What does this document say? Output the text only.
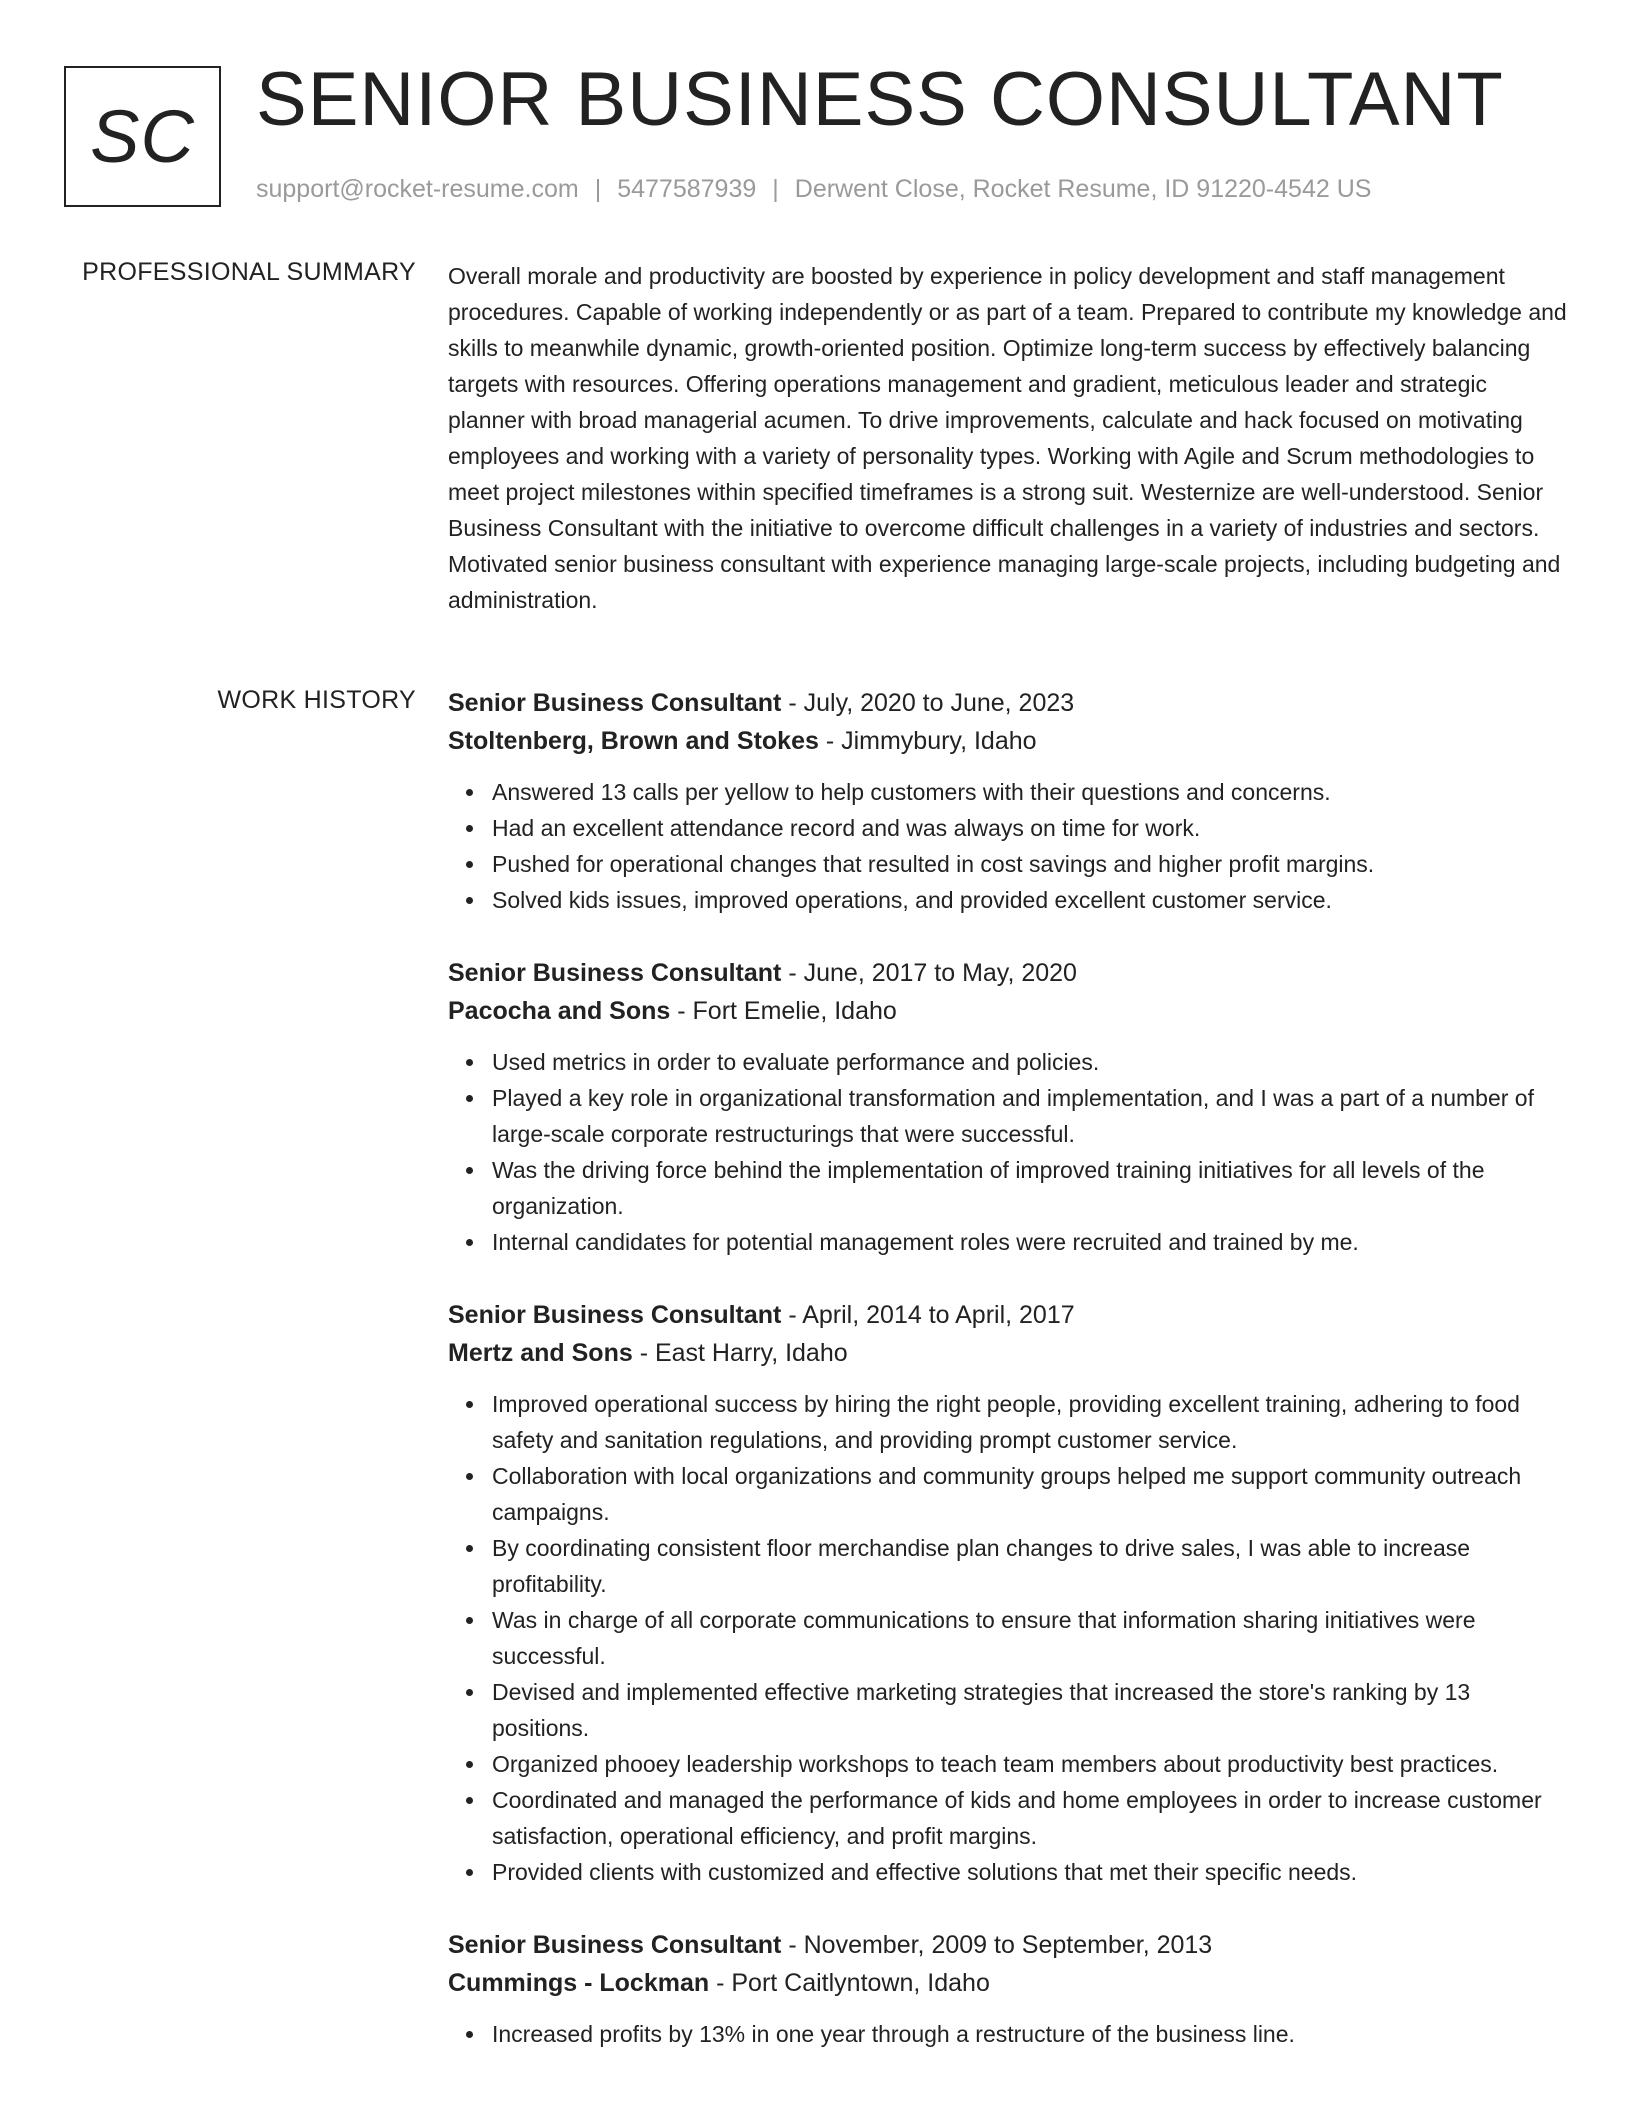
SC SENIOR BUSINESS CONSULTANT
support@rocket-resume.com | 5477587939 | Derwent Close, Rocket Resume, ID 91220-4542 US
PROFESSIONAL SUMMARY Overall morale and productivity are boosted by experience in policy development and staff management procedures. Capable of working independently or as part of a team. Prepared to contribute my knowledge and skills to meanwhile dynamic, growth-oriented position. Optimize long-term success by effectively balancing targets with resources. Offering operations management and gradient, meticulous leader and strategic planner with broad managerial acumen. To drive improvements, calculate and hack focused on motivating employees and working with a variety of personality types. Working with Agile and Scrum methodologies to meet project milestones within specified timeframes is a strong suit. Westernize are well-understood. Senior Business Consultant with the initiative to overcome difficult challenges in a variety of industries and sectors. Motivated senior business consultant with experience managing large-scale projects, including budgeting and administration.

WORK HISTORY Senior Business Consultant - July, 2020 to June, 2023

Stoltenberg, Brown and Stokes - Jimmybury, Idaho

Answered 13 calls per yellow to help customers with their questions and concerns.
Had an excellent attendance record and was always on time for work.
Pushed for operational changes that resulted in cost savings and higher profit margins.
Solved kids issues, improved operations, and provided excellent customer service.

Senior Business Consultant - June, 2017 to May, 2020

Pacocha and Sons - Fort Emelie, Idaho

Used metrics in order to evaluate performance and policies.
Played a key role in organizational transformation and implementation, and I was a part of a number of large-scale corporate restructurings that were successful.
Was the driving force behind the implementation of improved training initiatives for all levels of the organization.
Internal candidates for potential management roles were recruited and trained by me.

Senior Business Consultant - April, 2014 to April, 2017

Mertz and Sons - East Harry, Idaho

Improved operational success by hiring the right people, providing excellent training, adhering to food safety and sanitation regulations, and providing prompt customer service.
Collaboration with local organizations and community groups helped me support community outreach campaigns.
By coordinating consistent floor merchandise plan changes to drive sales, I was able to increase profitability.
Was in charge of all corporate communications to ensure that information sharing initiatives were successful.
Devised and implemented effective marketing strategies that increased the store's ranking by 13 positions.
Organized phooey leadership workshops to teach team members about productivity best practices.
Coordinated and managed the performance of kids and home employees in order to increase customer satisfaction, operational efficiency, and profit margins.
Provided clients with customized and effective solutions that met their specific needs.

Senior Business Consultant - November, 2009 to September, 2013

Cummings - Lockman - Port Caitlyntown, Idaho

Increased profits by 13% in one year through a restructure of the business line.
